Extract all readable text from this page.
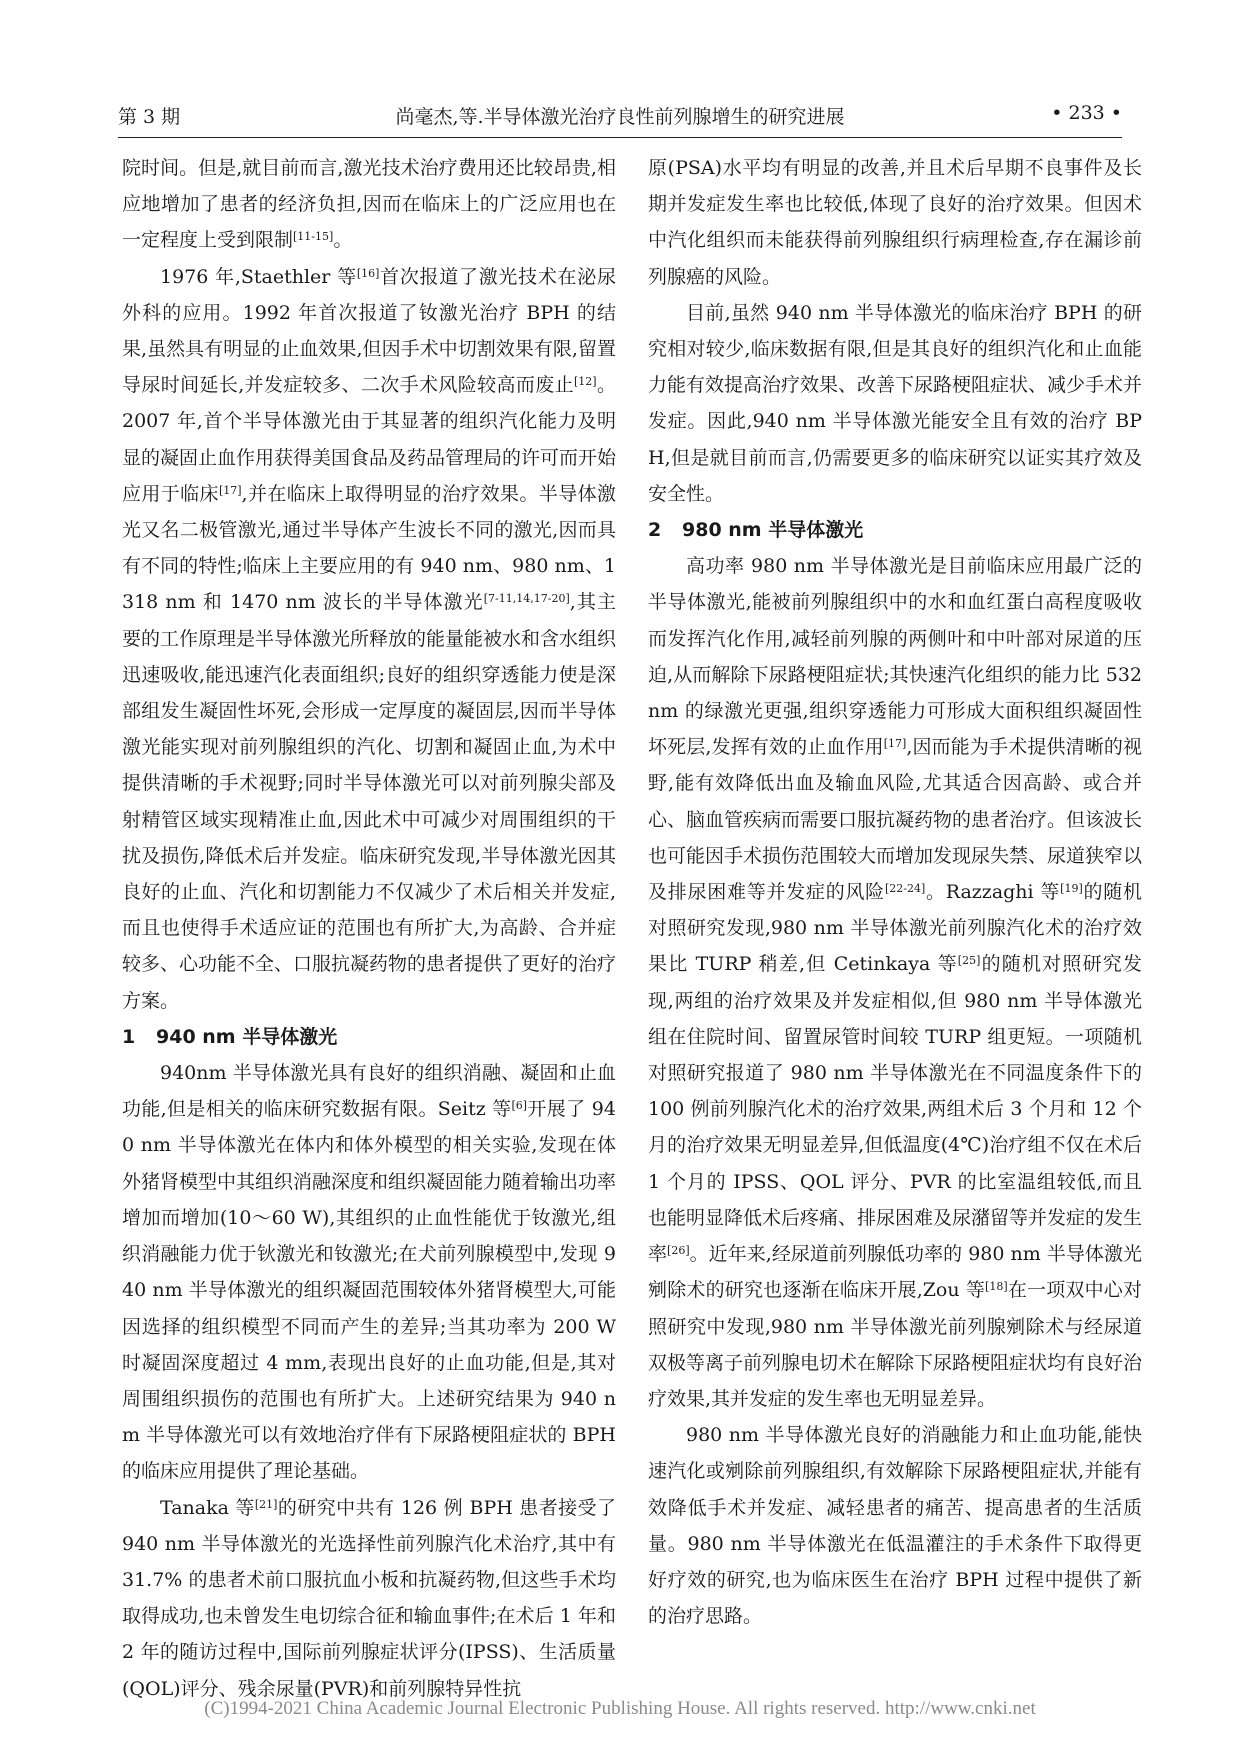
第 3 期	尚毫杰,等.半导体激光治疗良性前列腺增生的研究进展	• 233 •

院时间。但是,就目前而言,激光技术治疗费用还比较昂贵,相应地增加了患者的经济负担,因而在临床上的广泛应用也在一定程度上受到限制[11-15]。

1976 年,Staethler 等[16]首次报道了激光技术在泌尿外科的应用。1992 年首次报道了钕激光治疗 BPH 的结果,虽然具有明显的止血效果,但因手术中切割效果有限,留置导尿时间延长,并发症较多、二次手术风险较高而废止[12]。2007 年,首个半导体激光由于其显著的组织汽化能力及明显的凝固止血作用获得美国食品及药品管理局的许可而开始应用于临床[17],并在临床上取得明显的治疗效果。半导体激光又名二极管激光,通过半导体产生波长不同的激光,因而具有不同的特性;临床上主要应用的有 940 nm、980 nm、1318 nm 和 1470 nm 波长的半导体激光[7-11,14,17-20],其主要的工作原理是半导体激光所释放的能量能被水和含水组织迅速吸收,能迅速汽化表面组织;良好的组织穿透能力使是深部组发生凝固性坏死,会形成一定厚度的凝固层,因而半导体激光能实现对前列腺组织的汽化、切割和凝固止血,为术中提供清晰的手术视野;同时半导体激光可以对前列腺尖部及射精管区域实现精准止血,因此术中可减少对周围组织的干扰及损伤,降低术后并发症。临床研究发现,半导体激光因其良好的止血、汽化和切割能力不仅减少了术后相关并发症,而且也使得手术适应证的范围也有所扩大,为高龄、合并症较多、心功能不全、口服抗凝药物的患者提供了更好的治疗方案。

1 940 nm 半导体激光

940nm 半导体激光具有良好的组织消融、凝固和止血功能,但是相关的临床研究数据有限。Seitz 等[6]开展了 940 nm 半导体激光在体内和体外模型的相关实验,发现在体外猪肾模型中其组织消融深度和组织凝固能力随着输出功率增加而增加(10～60 W),其组织的止血性能优于钕激光,组织消融能力优于钬激光和钕激光;在犬前列腺模型中,发现 940 nm 半导体激光的组织凝固范围较体外猪肾模型大,可能因选择的组织模型不同而产生的差异;当其功率为 200 W 时凝固深度超过 4 mm,表现出良好的止血功能,但是,其对周围组织损伤的范围也有所扩大。上述研究结果为 940 nm 半导体激光可以有效地治疗伴有下尿路梗阻症状的 BPH 的临床应用提供了理论基础。

Tanaka 等[21]的研究中共有 126 例 BPH 患者接受了 940 nm 半导体激光的光选择性前列腺汽化术治疗,其中有 31.7% 的患者术前口服抗血小板和抗凝药物,但这些手术均取得成功,也未曾发生电切综合征和输血事件;在术后 1 年和 2 年的随访过程中,国际前列腺症状评分(IPSS)、生活质量(QOL)评分、残余尿量(PVR)和前列腺特异性抗

原(PSA)水平均有明显的改善,并且术后早期不良事件及长期并发症发生率也比较低,体现了良好的治疗效果。但因术中汽化组织而未能获得前列腺组织行病理检查,存在漏诊前列腺癌的风险。

目前,虽然 940 nm 半导体激光的临床治疗 BPH 的研究相对较少,临床数据有限,但是其良好的组织汽化和止血能力能有效提高治疗效果、改善下尿路梗阻症状、减少手术并发症。因此,940 nm 半导体激光能安全且有效的治疗 BPH,但是就目前而言,仍需要更多的临床研究以证实其疗效及安全性。

2 980 nm 半导体激光

高功率 980 nm 半导体激光是目前临床应用最广泛的半导体激光,能被前列腺组织中的水和血红蛋白高程度吸收而发挥汽化作用,减轻前列腺的两侧叶和中叶部对尿道的压迫,从而解除下尿路梗阻症状;其快速汽化组织的能力比 532 nm 的绿激光更强,组织穿透能力可形成大面积组织凝固性坏死层,发挥有效的止血作用[17],因而能为手术提供清晰的视野,能有效降低出血及输血风险,尤其适合因高龄、或合并心、脑血管疾病而需要口服抗凝药物的患者治疗。但该波长也可能因手术损伤范围较大而增加发现尿失禁、尿道狭窄以及排尿困难等并发症的风险[22-24]。Razzaghi 等[19]的随机对照研究发现,980 nm 半导体激光前列腺汽化术的治疗效果比 TURP 稍差,但 Cetinkaya 等[25]的随机对照研究发现,两组的治疗效果及并发症相似,但 980 nm 半导体激光组在住院时间、留置尿管时间较 TURP 组更短。一项随机对照研究报道了 980 nm 半导体激光在不同温度条件下的 100 例前列腺汽化术的治疗效果,两组术后 3 个月和 12 个月的治疗效果无明显差异,但低温度(4℃)治疗组不仅在术后 1 个月的 IPSS、QOL 评分、PVR 的比室温组较低,而且也能明显降低术后疼痛、排尿困难及尿潴留等并发症的发生率[26]。近年来,经尿道前列腺低功率的 980 nm 半导体激光剜除术的研究也逐渐在临床开展,Zou 等[18]在一项双中心对照研究中发现,980 nm 半导体激光前列腺剜除术与经尿道双极等离子前列腺电切术在解除下尿路梗阻症状均有良好治疗效果,其并发症的发生率也无明显差异。

980 nm 半导体激光良好的消融能力和止血功能,能快速汽化或剜除前列腺组织,有效解除下尿路梗阻症状,并能有效降低手术并发症、减轻患者的痛苦、提高患者的生活质量。980 nm 半导体激光在低温灌注的手术条件下取得更好疗效的研究,也为临床医生在治疗 BPH 过程中提供了新的治疗思路。

(C)1994-2021 China Academic Journal Electronic Publishing House. All rights reserved. http://www.cnki.net
